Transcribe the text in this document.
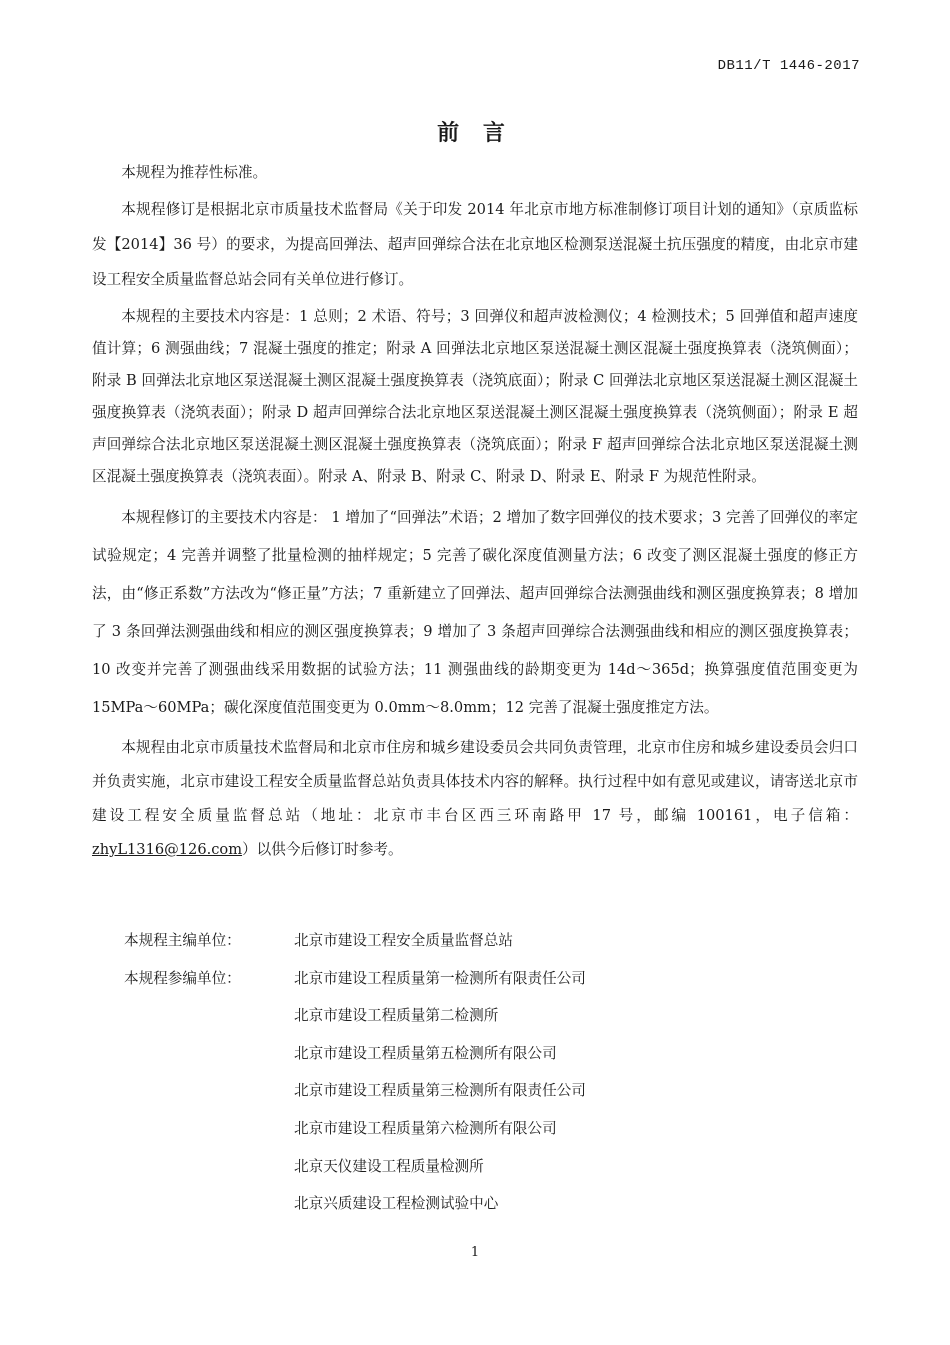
DB11/T 1446-2017
前 言

本规程为推荐性标准。

本规程修订是根据北京市质量技术监督局《关于印发 2014 年北京市地方标准制修订项目计划的通知》（京质监标发【2014】36 号）的要求，为提高回弹法、超声回弹综合法在北京地区检测泵送混凝土抗压强度的精度，由北京市建设工程安全质量监督总站会同有关单位进行修订。

本规程的主要技术内容是：1 总则；2 术语、符号；3 回弹仪和超声波检测仪；4 检测技术；5 回弹值和超声速度值计算；6 测强曲线；7 混凝土强度的推定；附录 A 回弹法北京地区泵送混凝土测区混凝土强度换算表（浇筑侧面）；附录 B 回弹法北京地区泵送混凝土测区混凝土强度换算表（浇筑底面）；附录 C 回弹法北京地区泵送混凝土测区混凝土强度换算表（浇筑表面）；附录 D 超声回弹综合法北京地区泵送混凝土测区混凝土强度换算表（浇筑侧面）；附录 E 超声回弹综合法北京地区泵送混凝土测区混凝土强度换算表（浇筑底面）；附录 F 超声回弹综合法北京地区泵送混凝土测区混凝土强度换算表（浇筑表面）。附录 A、附录 B、附录 C、附录 D、附录 E、附录 F 为规范性附录。

本规程修订的主要技术内容是： 1 增加了“回弹法”术语；2 增加了数字回弹仪的技术要求；3 完善了回弹仪的率定试验规定；4 完善并调整了批量检测的抽样规定；5 完善了碳化深度值测量方法；6 改变了测区混凝土强度的修正方法，由“修正系数”方法改为“修正量”方法；7 重新建立了回弹法、超声回弹综合法测强曲线和测区强度换算表；8 增加了 3 条回弹法测强曲线和相应的测区强度换算表；9 增加了 3 条超声回弹综合法测强曲线和相应的测区强度换算表；10 改变并完善了测强曲线采用数据的试验方法；11 测强曲线的龄期变更为 14d～365d；换算强度值范围变更为 15MPa～60MPa；碳化深度值范围变更为 0.0mm～8.0mm；12 完善了混凝土强度推定方法。

本规程由北京市质量技术监督局和北京市住房和城乡建设委员会共同负责管理，北京市住房和城乡建设委员会归口并负责实施，北京市建设工程安全质量监督总站负责具体技术内容的解释。执行过程中如有意见或建议，请寄送北京市建设工程安全质量监督总站（地址：北京市丰台区西三环南路甲 17 号，邮编 100161，电子信箱：zhyL1316@126.com）以供今后修订时参考。

本规程主编单位：	北京市建设工程安全质量监督总站
本规程参编单位：	北京市建设工程质量第一检测所有限责任公司
北京市建设工程质量第二检测所
北京市建设工程质量第五检测所有限公司
北京市建设工程质量第三检测所有限责任公司
北京市建设工程质量第六检测所有限公司
北京天仪建设工程质量检测所
北京兴质建设工程检测试验中心
1
